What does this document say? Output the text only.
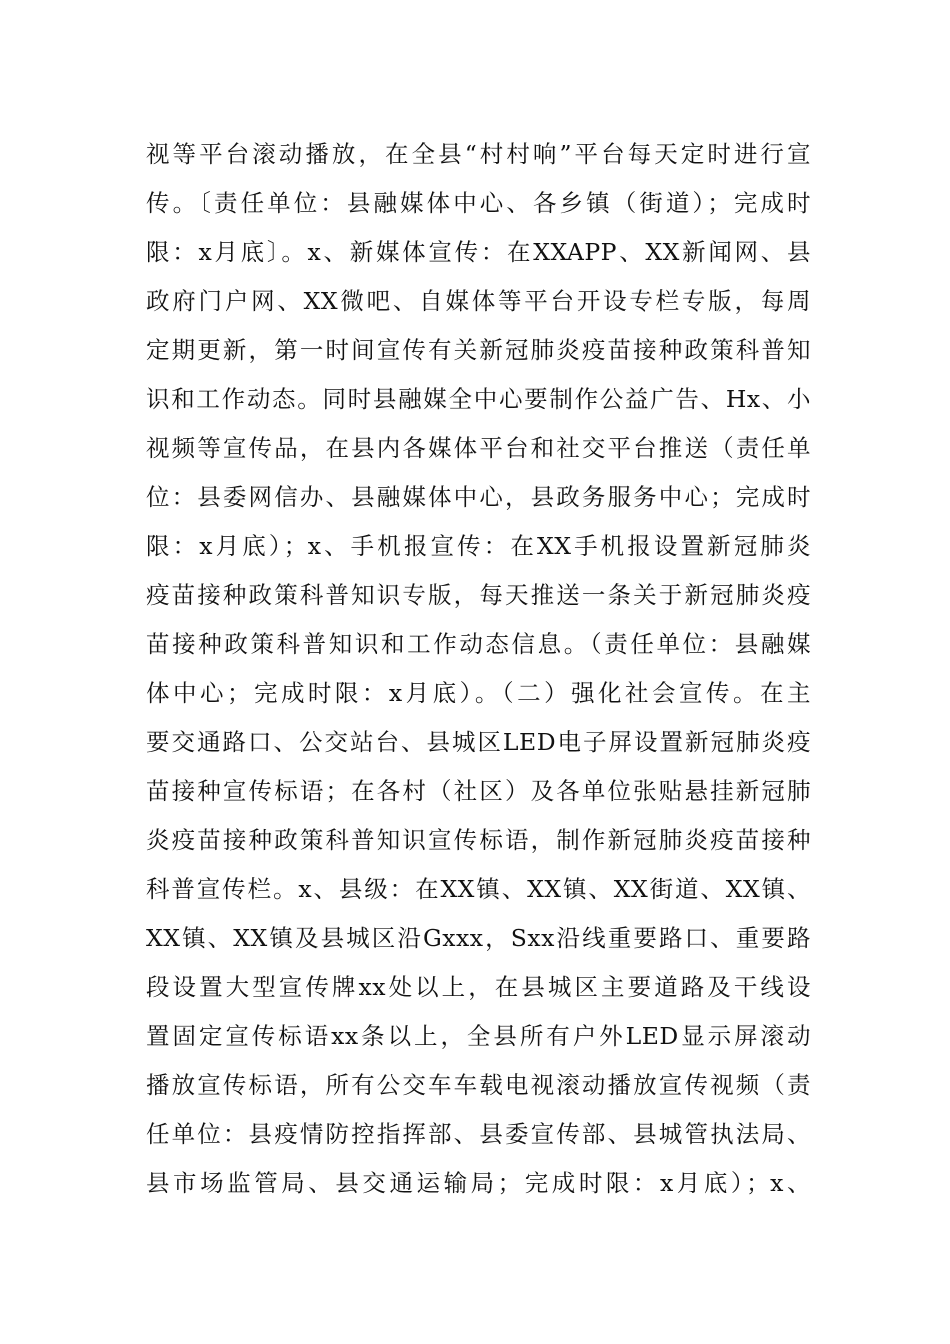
视等平台滚动播放，在全县“村村响”平台每天定时进行宣
传。〔责任单位：县融媒体中心、各乡镇（街道）；完成时
限：x月底〕。x、新媒体宣传：在XXAPP、XX新闻网、县
政府门户网、XX微吧、自媒体等平台开设专栏专版，每周
定期更新，第一时间宣传有关新冠肺炎疫苗接种政策科普知
识和工作动态。同时县融媒全中心要制作公益广告、Hx、小
视频等宣传品，在县内各媒体平台和社交平台推送（责任单
位：县委网信办、县融媒体中心，县政务服务中心；完成时
限：x月底）；x、手机报宣传：在XX手机报设置新冠肺炎
疫苗接种政策科普知识专版，每天推送一条关于新冠肺炎疫
苗接种政策科普知识和工作动态信息。（责任单位：县融媒
体中心；完成时限：x月底）。（二）强化社会宣传。在主
要交通路口、公交站台、县城区LED电子屏设置新冠肺炎疫
苗接种宣传标语；在各村（社区）及各单位张贴悬挂新冠肺
炎疫苗接种政策科普知识宣传标语，制作新冠肺炎疫苗接种
科普宣传栏。x、县级：在XX镇、XX镇、XX街道、XX镇、
XX镇、XX镇及县城区沿Gxxx，Sxx沿线重要路口、重要路
段设置大型宣传牌xx处以上，在县城区主要道路及干线设
置固定宣传标语xx条以上，全县所有户外LED显示屏滚动
播放宣传标语，所有公交车车载电视滚动播放宣传视频（责
任单位：县疫情防控指挥部、县委宣传部、县城管执法局、
县市场监管局、县交通运输局；完成时限：x月底）；x、
